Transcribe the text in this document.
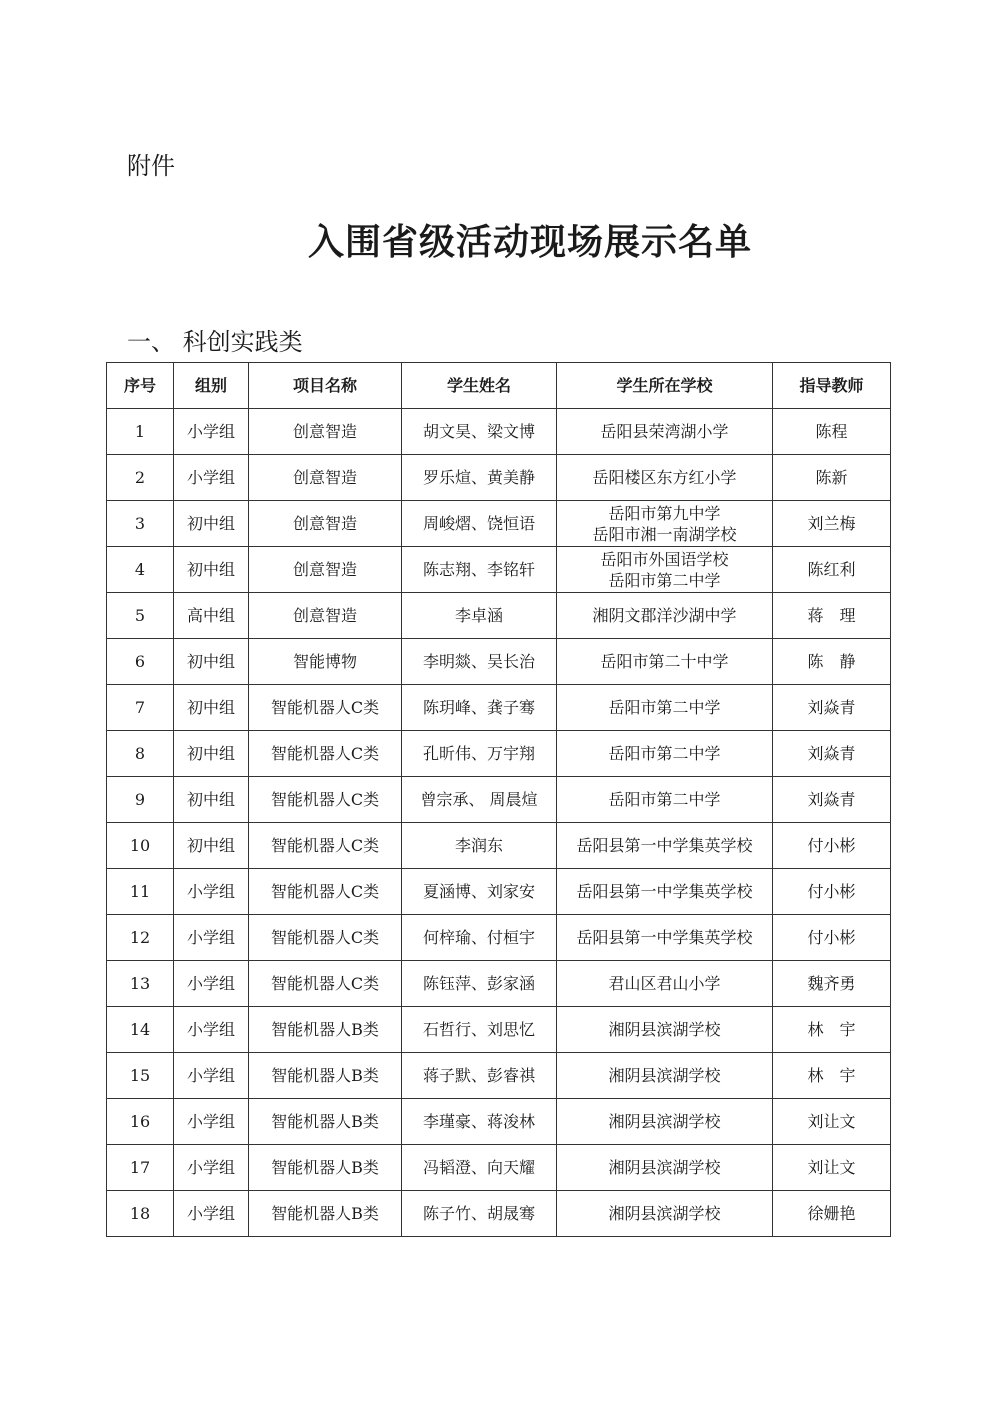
附件
入围省级活动现场展示名单
一、 科创实践类
序号	组别	项目名称	学生姓名	学生所在学校	指导教师
1	小学组	创意智造	胡文昊、梁文博	岳阳县荣湾湖小学	陈程
2	小学组	创意智造	罗乐煊、黄美静	岳阳楼区东方红小学	陈新
3	初中组	创意智造	周峻熠、饶恒语	岳阳市第九中学
岳阳市湘一南湖学校	刘兰梅
4	初中组	创意智造	陈志翔、李铭轩	岳阳市外国语学校
岳阳市第二中学	陈红利
5	高中组	创意智造	李卓涵	湘阴文郡洋沙湖中学	蒋　理
6	初中组	智能博物	李明燚、吴长治	岳阳市第二十中学	陈　静
7	初中组	智能机器人C类	陈玥峰、龚子骞	岳阳市第二中学	刘焱青
8	初中组	智能机器人C类	孔昕伟、万宇翔	岳阳市第二中学	刘焱青
9	初中组	智能机器人C类	曾宗承、 周晨煊	岳阳市第二中学	刘焱青
10	初中组	智能机器人C类	李润东	岳阳县第一中学集英学校	付小彬
11	小学组	智能机器人C类	夏涵博、刘家安	岳阳县第一中学集英学校	付小彬
12	小学组	智能机器人C类	何梓瑜、付桓宇	岳阳县第一中学集英学校	付小彬
13	小学组	智能机器人C类	陈钰萍、彭家涵	君山区君山小学	魏齐勇
14	小学组	智能机器人B类	石哲行、刘思忆	湘阴县滨湖学校	林　宇
15	小学组	智能机器人B类	蒋子默、彭睿祺	湘阴县滨湖学校	林　宇
16	小学组	智能机器人B类	李瑾豪、蒋浚林	湘阴县滨湖学校	刘让文
17	小学组	智能机器人B类	冯韬澄、向天耀	湘阴县滨湖学校	刘让文
18	小学组	智能机器人B类	陈子竹、胡晟骞	湘阴县滨湖学校	徐姗艳
